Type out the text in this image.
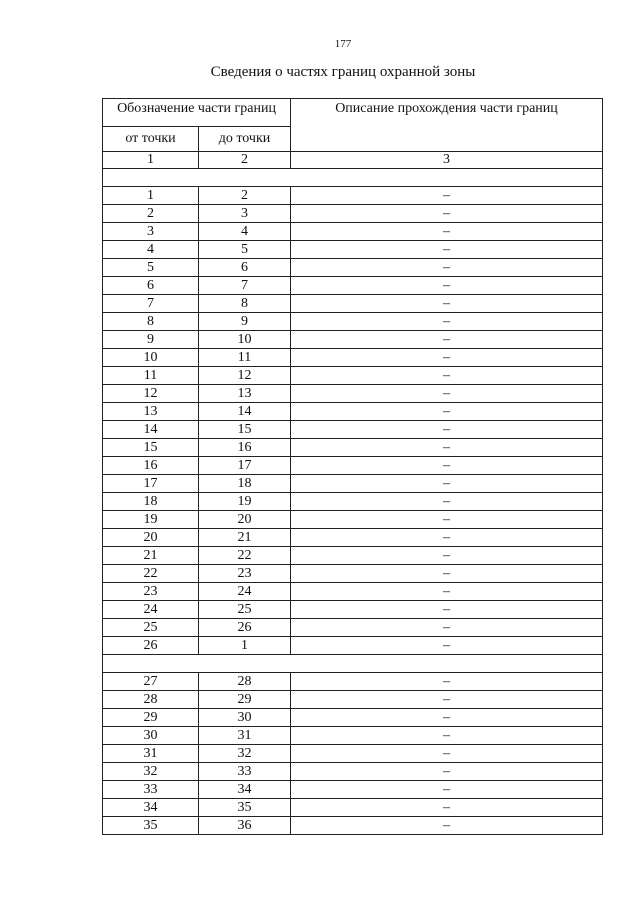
177
Сведения о частях границ охранной зоны
Обозначение части границ		Описание прохождения части границ
от точки	до точки	
1	2	3

1	2	–
2	3	–
3	4	–
4	5	–
5	6	–
6	7	–
7	8	–
8	9	–
9	10	–
10	11	–
11	12	–
12	13	–
13	14	–
14	15	–
15	16	–
16	17	–
17	18	–
18	19	–
19	20	–
20	21	–
21	22	–
22	23	–
23	24	–
24	25	–
25	26	–
26	1	–

27	28	–
28	29	–
29	30	–
30	31	–
31	32	–
32	33	–
33	34	–
34	35	–
35	36	–
